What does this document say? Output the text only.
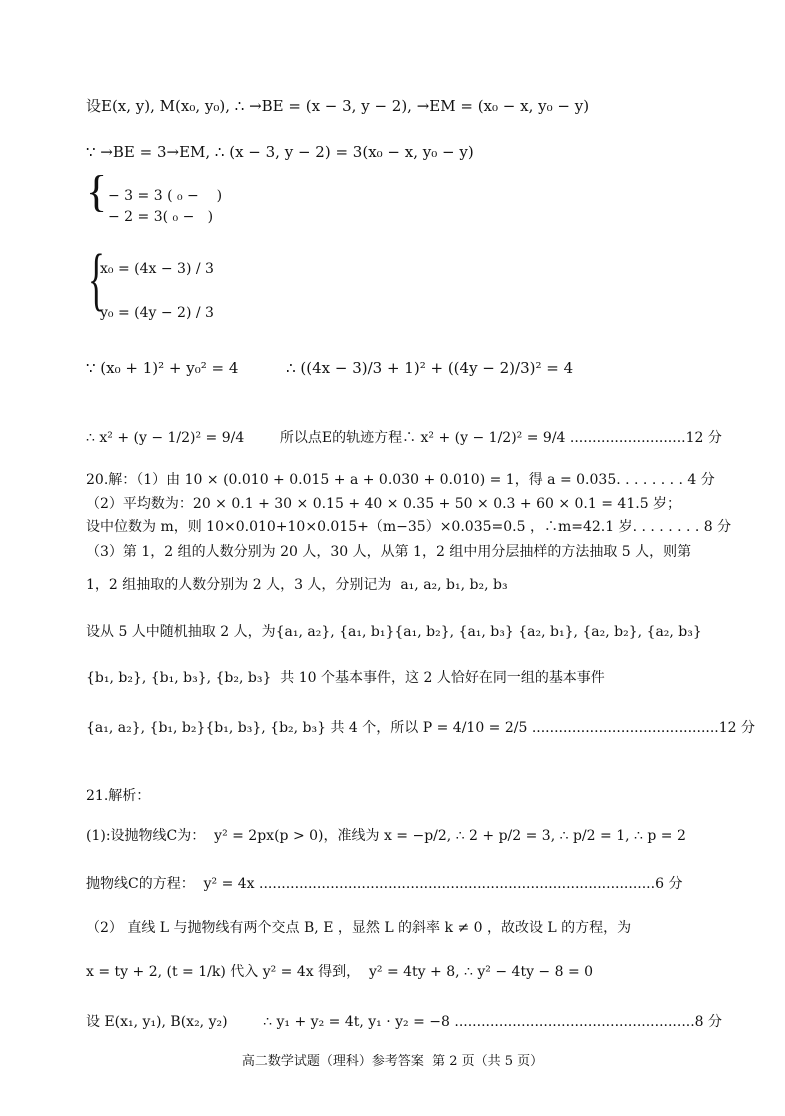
设E(x, y), M(x₀, y₀), ∴ →BE = (x − 3, y − 2), →EM = (x₀ − x, y₀ − y)
∵ →BE = 3→EM, ∴ (x − 3, y − 2) = 3(x₀ − x, y₀ − y)
{ − 3 = 3 ( ₀ −    )
− 2 = 3( ₀ −   )
{
x₀ = (4x − 3) / 3
y₀ = (4y − 2) / 3
∵ (x₀ + 1)² + y₀² = 4          ∴ ((4x − 3)/3 + 1)² + ((4y − 2)/3)² = 4
∴ x² + (y − 1/2)² = 9/4        所以点E的轨迹方程∴ x² + (y − 1/2)² = 9/4 ..........................12 分
20.解：（1）由 10 × (0.010 + 0.015 + a + 0.030 + 0.010) = 1，得 a = 0.035. . . . . . . . 4 分
（2）平均数为：20 × 0.1 + 30 × 0.15 + 40 × 0.35 + 50 × 0.3 + 60 × 0.1 = 41.5 岁；
设中位数为 m，则 10×0.010+10×0.015+（m−35）×0.035=0.5 ，∴m=42.1 岁. . . . . . . . 8 分
（3）第 1，2 组的人数分别为 20 人，30 人，从第 1，2 组中用分层抽样的方法抽取 5 人，则第
1，2 组抽取的人数分别为 2 人，3 人，分别记为  a₁, a₂, b₁, b₂, b₃
设从 5 人中随机抽取 2 人，为{a₁, a₂}, {a₁, b₁}{a₁, b₂}, {a₁, b₃} {a₂, b₁}, {a₂, b₂}, {a₂, b₃}
{b₁, b₂}, {b₁, b₃}, {b₂, b₃}  共 10 个基本事件，这 2 人恰好在同一组的基本事件
{a₁, a₂}, {b₁, b₂}{b₁, b₃}, {b₂, b₃} 共 4 个，所以 P = 4/10 = 2/5 ..........................................12 分
21.解析：
(1):设抛物线C为：  y² = 2px(p > 0)，准线为 x = −p/2, ∴ 2 + p/2 = 3, ∴ p/2 = 1, ∴ p = 2
抛物线C的方程：  y² = 4x .........................................................................................6 分
（2） 直线 L 与抛物线有两个交点 B, E ，显然 L 的斜率 k ≠ 0 ，故改设 L 的方程，为
x = ty + 2, (t = 1/k) 代入 y² = 4x 得到，  y² = 4ty + 8, ∴ y² − 4ty − 8 = 0
设 E(x₁, y₁), B(x₂, y₂)        ∴ y₁ + y₂ = 4t, y₁ · y₂ = −8 ......................................................8 分
高二数学试题（理科）参考答案  第 2 页（共 5 页）
